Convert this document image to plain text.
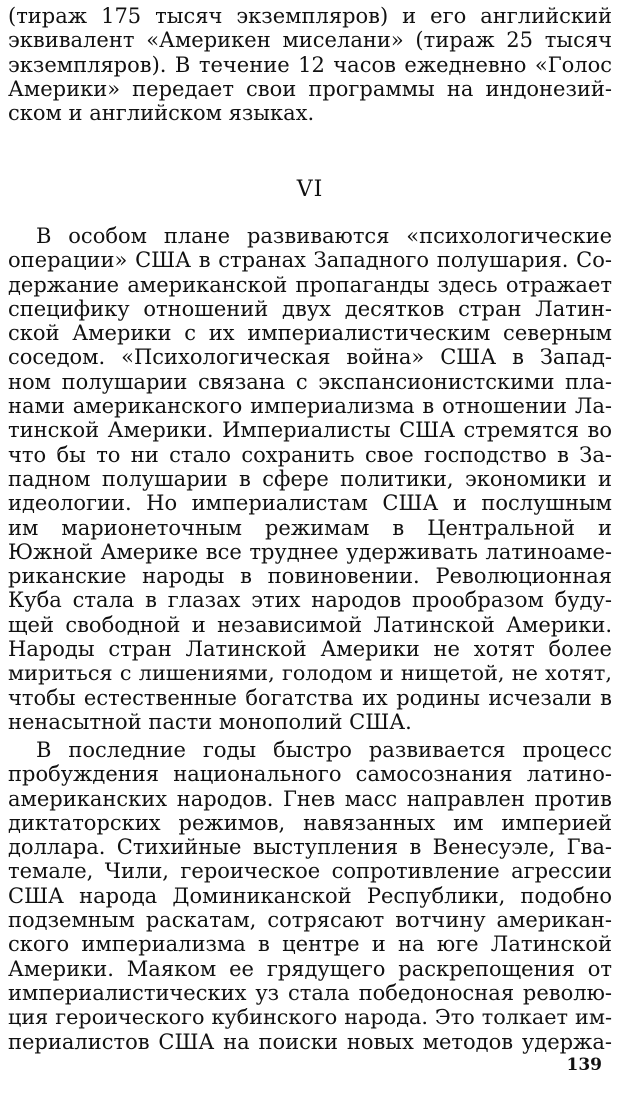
(тираж 175 тысяч экземпляров) и его английский
эквивалент «Америкен миселани» (тираж 25 тысяч
экземпляров). В течение 12 часов ежедневно «Голос
Америки» передает свои программы на индонезий-
ском и английском языках.
VI
В особом плане развиваются «психологические
операции» США в странах Западного полушария. Со-
держание американской пропаганды здесь отражает
специфику отношений двух десятков стран Латин-
ской Америки с их империалистическим северным
соседом. «Психологическая война» США в Запад-
ном полушарии связана с экспансионистскими пла-
нами американского империализма в отношении Ла-
тинской Америки. Империалисты США стремятся во
что бы то ни стало сохранить свое господство в За-
падном полушарии в сфере политики, экономики и
идеологии. Но империалистам США и послушным
им марионеточным режимам в Центральной и
Южной Америке все труднее удерживать латиноаме-
риканские народы в повиновении. Революционная
Куба стала в глазах этих народов прообразом буду-
щей свободной и независимой Латинской Америки.
Народы стран Латинской Америки не хотят более
мириться с лишениями, голодом и нищетой, не хотят,
чтобы естественные богатства их родины исчезали в
ненасытной пасти монополий США.
В последние годы быстро развивается процесс
пробуждения национального самосознания латино-
американских народов. Гнев масс направлен против
диктаторских режимов, навязанных им империей
доллара. Стихийные выступления в Венесуэле, Гва-
темале, Чили, героическое сопротивление агрессии
США народа Доминиканской Республики, подобно
подземным раскатам, сотрясают вотчину американ-
ского империализма в центре и на юге Латинской
Америки. Маяком ее грядущего раскрепощения от
империалистических уз стала победоносная револю-
ция героического кубинского народа. Это толкает им-
периалистов США на поиски новых методов удержа-
139
